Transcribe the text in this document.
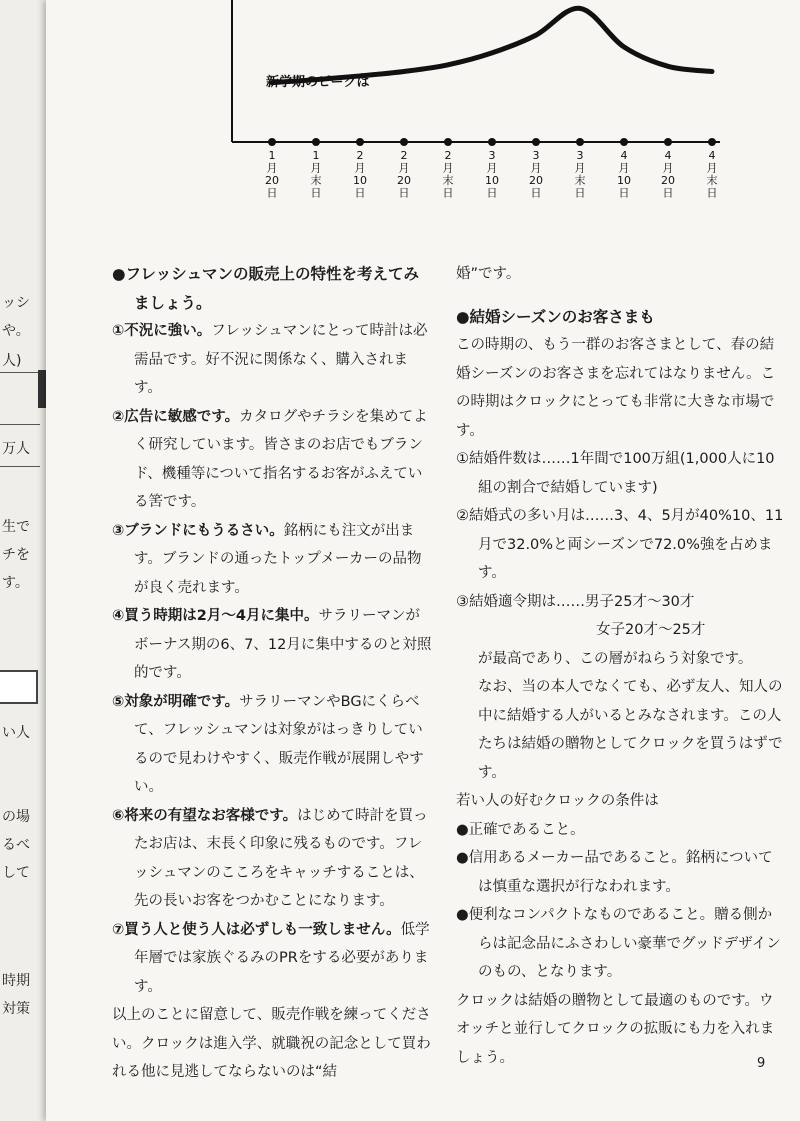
ッシ
や。
人)
万人
生で
チを
す。
い人
の場
るべ
して
時期
対策

1
月
20
日
1
月
末
日
2
月
10
日
2
月
20
日
2
月
末
日
3
月
10
日
3
月
20
日
3
月
末
日
4
月
10
日
4
月
20
日
4
月
末
日
新学期のピークは

●フレッシュマンの販売上の特性を考えてみましょう。

①不況に強い。フレッシュマンにとって時計は必需品です。好不況に関係なく、購入されます。

②広告に敏感です。カタログやチラシを集めてよく研究しています。皆さまのお店でもブランド、機種等について指名するお客がふえている筈です。

③ブランドにもうるさい。銘柄にも注文が出ます。ブランドの通ったトップメーカーの品物が良く売れます。

④買う時期は2月〜4月に集中。サラリーマンがボーナス期の6、7、12月に集中するのと対照的です。

⑤対象が明確です。サラリーマンやBGにくらべて、フレッシュマンは対象がはっきりしているので見わけやすく、販売作戦が展開しやすい。

⑥将来の有望なお客様です。はじめて時計を買ったお店は、末長く印象に残るものです。フレッシュマンのこころをキャッチすることは、先の長いお客をつかむことになります。

⑦買う人と使う人は必ずしも一致しません。低学年層では家族ぐるみのPRをする必要があります。

以上のことに留意して、販売作戦を練ってください。クロックは進入学、就職祝の記念として買われる他に見逃してならないのは“結

婚”です。

●結婚シーズンのお客さまも

この時期の、もう一群のお客さまとして、春の結婚シーズンのお客さまを忘れてはなりません。この時期はクロックにとっても非常に大きな市場です。

①結婚件数は……1年間で100万組(1,000人に10組の割合で結婚しています)

②結婚式の多い月は……3、4、5月が40%10、11月で32.0%と両シーズンで72.0%強を占めます。

③結婚適令期は……男子25才〜30才

女子20才〜25才

が最高であり、この層がねらう対象です。

なお、当の本人でなくても、必ず友人、知人の中に結婚する人がいるとみなされます。この人たちは結婚の贈物としてクロックを買うはずです。

若い人の好むクロックの条件は

●正確であること。

●信用あるメーカー品であること。銘柄については慎重な選択が行なわれます。

●便利なコンパクトなものであること。贈る側からは記念品にふさわしい豪華でグッドデザインのもの、となります。

クロックは結婚の贈物として最適のものです。ウオッチと並行してクロックの拡販にも力を入れましょう。	9
